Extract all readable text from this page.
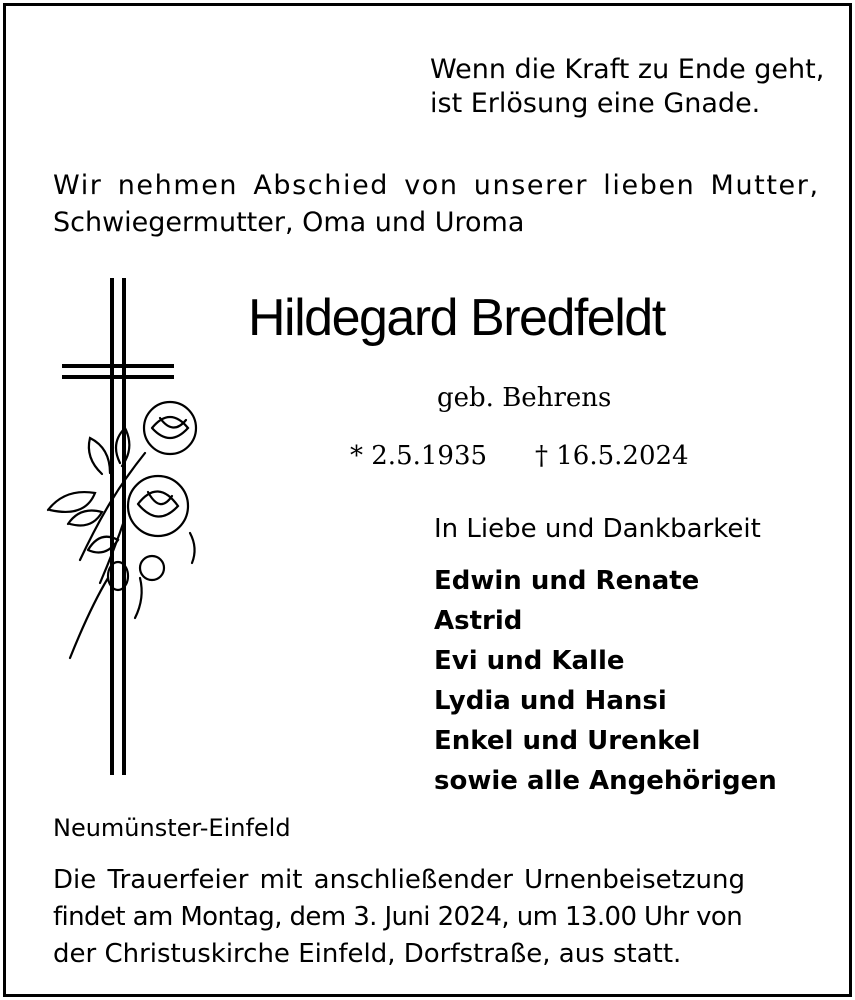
Wenn die Kraft zu Ende geht,
ist Erlösung eine Gnade.
Wir nehmen Abschied von unserer lieben Mutter,
Schwiegermutter, Oma und Uroma
Hildegard Bredfeldt
geb. Behrens
* 2.5.1935 † 16.5.2024
In Liebe und Dankbarkeit
Edwin und Renate
Astrid
Evi und Kalle
Lydia und Hansi
Enkel und Urenkel
sowie alle Angehörigen
Neumünster-Einfeld
Die Trauerfeier mit anschließender Urnenbeisetzung
findet am Montag, dem 3. Juni 2024, um 13.00 Uhr von
der Christuskirche Einfeld, Dorfstraße, aus statt.
